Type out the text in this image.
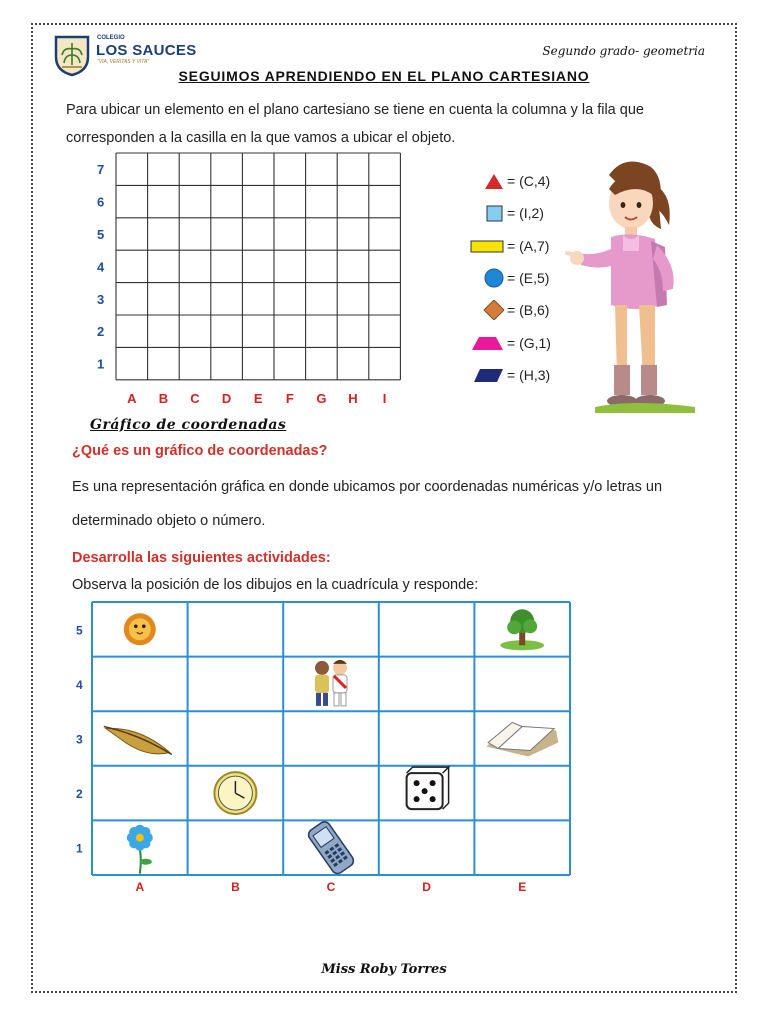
COLEGIO
LOS SAUCES
"VIA, VERITAS Y VITA"
Segundo grado- geometria
SEGUIMOS APRENDIENDO EN EL PLANO CARTESIANO
Para ubicar un elemento en el plano cartesiano se tiene en cuenta la columna y la fila que corresponden a la casilla en la que vamos a ubicar el objeto.
7
6
5
4
3
2
1
A B C D E F G H I
= (C,4)
= (I,2)
= (A,7)
= (E,5)
= (B,6)
= (G,1)
= (H,3)
Gráfico de coordenadas
¿Qué es un gráfico de coordenadas?
Es una representación gráfica en donde ubicamos por coordenadas numéricas y/o letras un determinado objeto o número.
Desarrolla las siguientes actividades:
Observa la posición de los dibujos en la cuadrícula y responde:
5
4
3
2
1
A	B	C	D	E
Miss Roby Torres
